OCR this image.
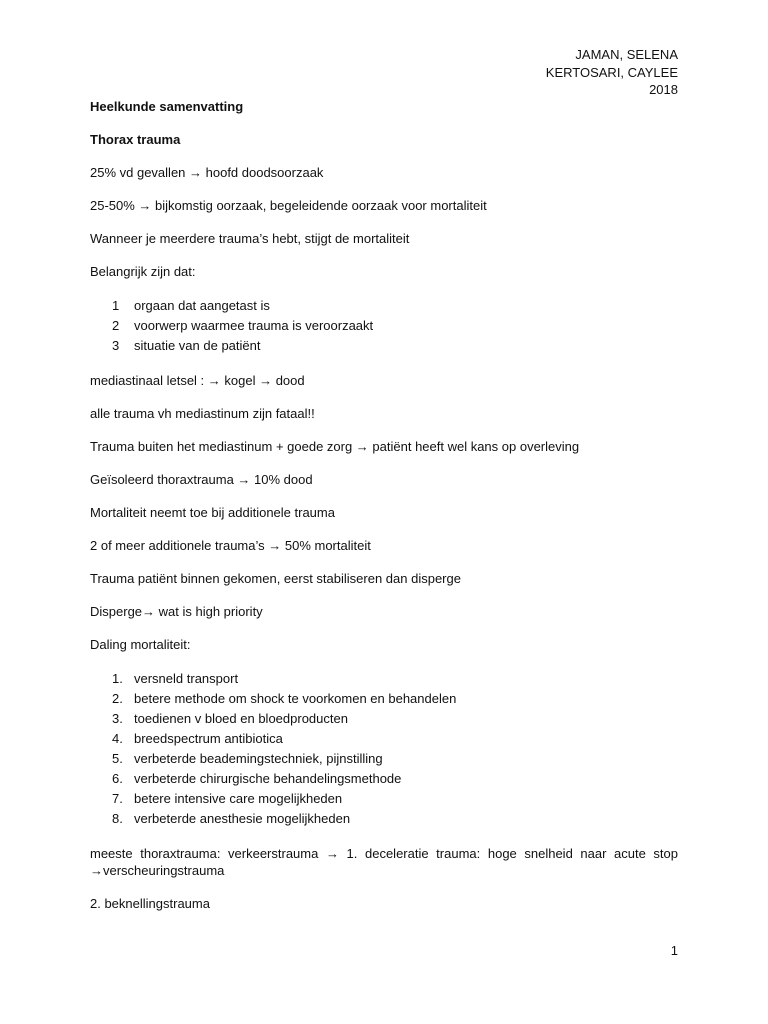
JAMAN, SELENA
KERTOSARI, CAYLEE
2018

Heelkunde samenvatting

Thorax trauma

25% vd gevallen → hoofd doodsoorzaak

25-50% → bijkomstig oorzaak, begeleidende oorzaak voor mortaliteit

Wanneer je meerdere trauma’s hebt, stijgt de mortaliteit

Belangrijk zijn dat:

1	orgaan dat aangetast is
2	voorwerp waarmee trauma is veroorzaakt
3	situatie van de patiënt

mediastinaal letsel : → kogel → dood

alle trauma vh mediastinum zijn fataal!!

Trauma buiten het mediastinum + goede zorg → patiënt heeft wel kans op overleving

Geïsoleerd thoraxtrauma → 10% dood

Mortaliteit neemt toe bij additionele trauma

2 of meer additionele trauma’s → 50% mortaliteit

Trauma patiënt binnen gekomen, eerst stabiliseren dan disperge

Disperge→ wat is high priority

Daling mortaliteit:

1. versneld transport
2. betere methode om shock te voorkomen en behandelen
3. toedienen v bloed en bloedproducten
4. breedspectrum antibiotica
5. verbeterde beademingstechniek, pijnstilling
6. verbeterde chirurgische behandelingsmethode
7. betere intensive care mogelijkheden
8. verbeterde anesthesie mogelijkheden

meeste thoraxtrauma: verkeerstrauma → 1. deceleratie trauma: hoge snelheid naar acute stop →verscheuringstrauma

2. beknellingstrauma

1
